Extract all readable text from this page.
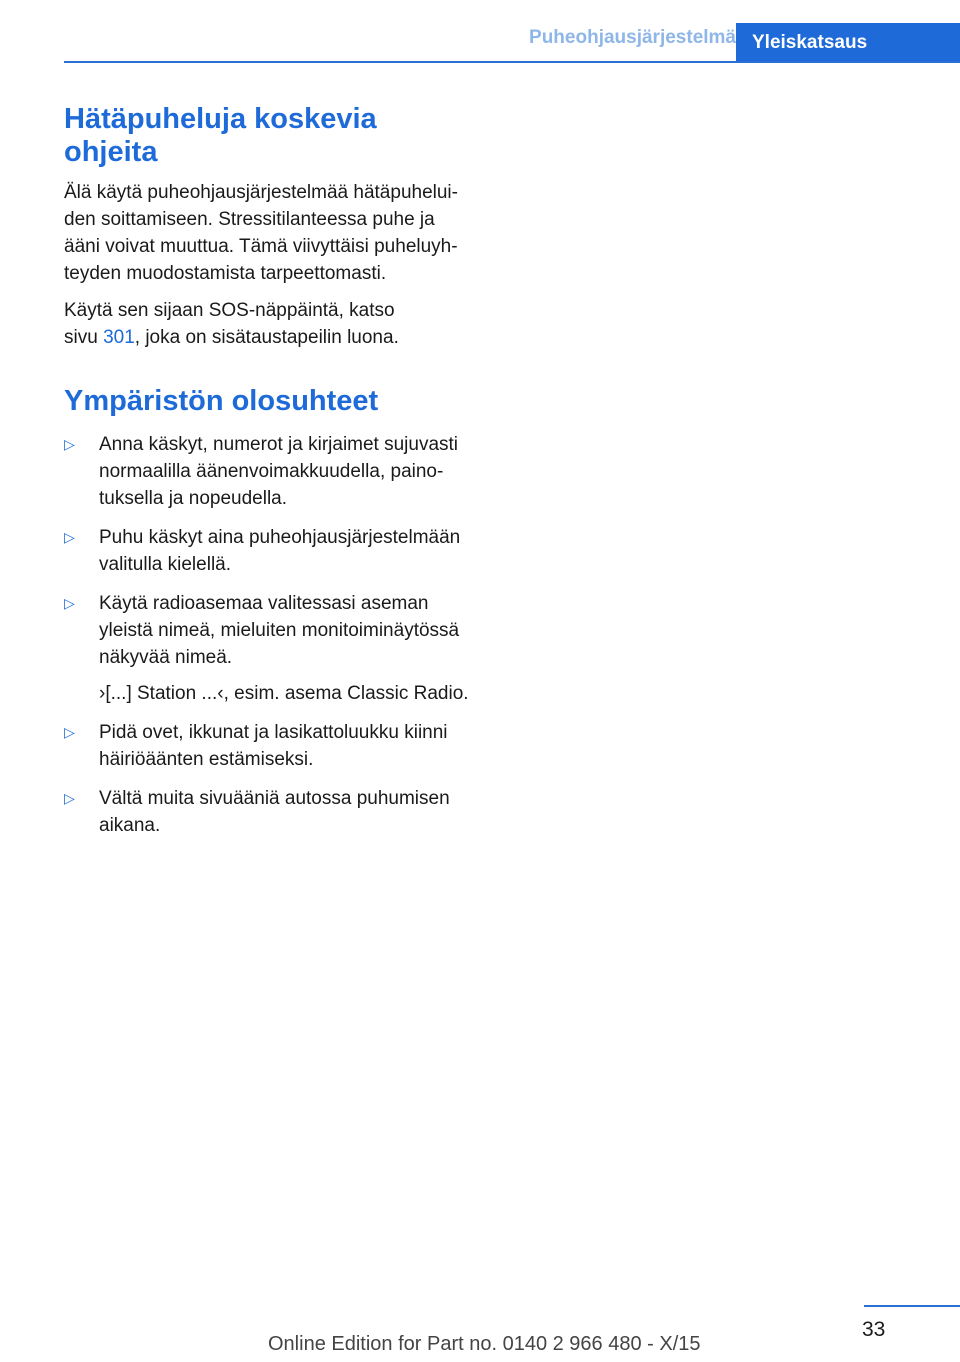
Puheohjausjärjestelmä Yleiskatsaus
Hätäpuheluja koskevia
ohjeita

Älä käytä puheohjausjärjestelmää hätäpuhelui-
den soittamiseen. Stressitilanteessa puhe ja
ääni voivat muuttua. Tämä viivyttäisi puheluyh-
teyden muodostamista tarpeettomasti.

Käytä sen sijaan SOS-näppäintä, katso
sivu 301, joka on sisätaustapeilin luona.

Ympäristön olosuhteet
▷ Anna käskyt, numerot ja kirjaimet sujuvasti
normaalilla äänenvoimakkuudella, paino-
tuksella ja nopeudella.
▷ Puhu käskyt aina puheohjausjärjestelmään
valitulla kielellä.
▷ Käytä radioasemaa valitessasi aseman
yleistä nimeä, mieluiten monitoiminäytössä
näkyvää nimeä.
›[...] Station ...‹, esim. asema Classic Radio.
▷ Pidä ovet, ikkunat ja lasikattoluukku kiinni
häiriöäänten estämiseksi.
▷ Vältä muita sivuääniä autossa puhumisen
aikana.
33
Online Edition for Part no. 0140 2 966 480 - X/15
